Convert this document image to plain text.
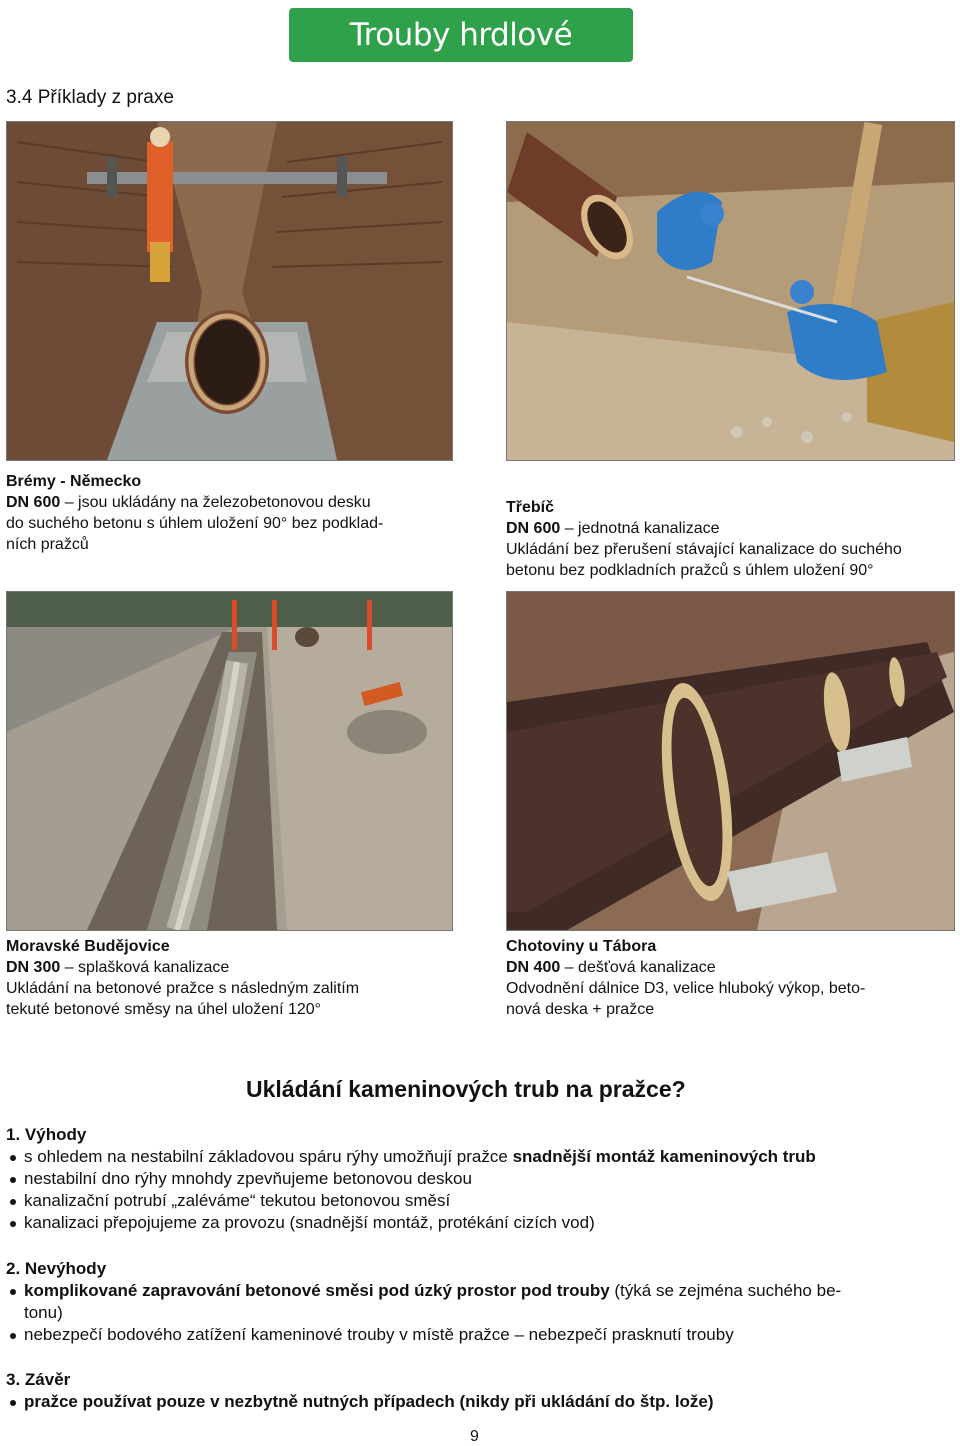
Trouby hrdlové
3.4 Příklady z praxe
Brémy - Německo
DN 600 – jsou ukládány na železobetonovou desku
do suchého betonu s úhlem uložení 90° bez podklad-
ních pražců
Třebíč
DN 600 – jednotná kanalizace
Ukládání bez přerušení stávající kanalizace do suchého
betonu bez podkladních pražců s úhlem uložení 90°
Moravské Budějovice
DN 300 – splašková kanalizace
Ukládání na betonové pražce s následným zalitím
tekuté betonové směsy na úhel uložení 120°
Chotoviny u Tábora
DN 400 – dešťová kanalizace
Odvodnění dálnice D3, velice hluboký výkop, beto-
nová deska + pražce
Ukládání kameninových trub na pražce?
1. Výhody
s ohledem na nestabilní základovou spáru rýhy umožňují pražce snadnější montáž kameninových trub
nestabilní dno rýhy mnohdy zpevňujeme betonovou deskou
kanalizační potrubí „zaléváme“ tekutou betonovou směsí
kanalizaci přepojujeme za provozu (snadnější montáž, protékání cizích vod)
2. Nevýhody
komplikované zapravování betonové směsi pod úzký prostor pod trouby (týká se zejména suchého be-
tonu)
nebezpečí bodového zatížení kameninové trouby v místě pražce – nebezpečí prasknutí trouby
3. Závěr
pražce používat pouze v nezbytně nutných případech (nikdy při ukládání do štp. lože)
9
